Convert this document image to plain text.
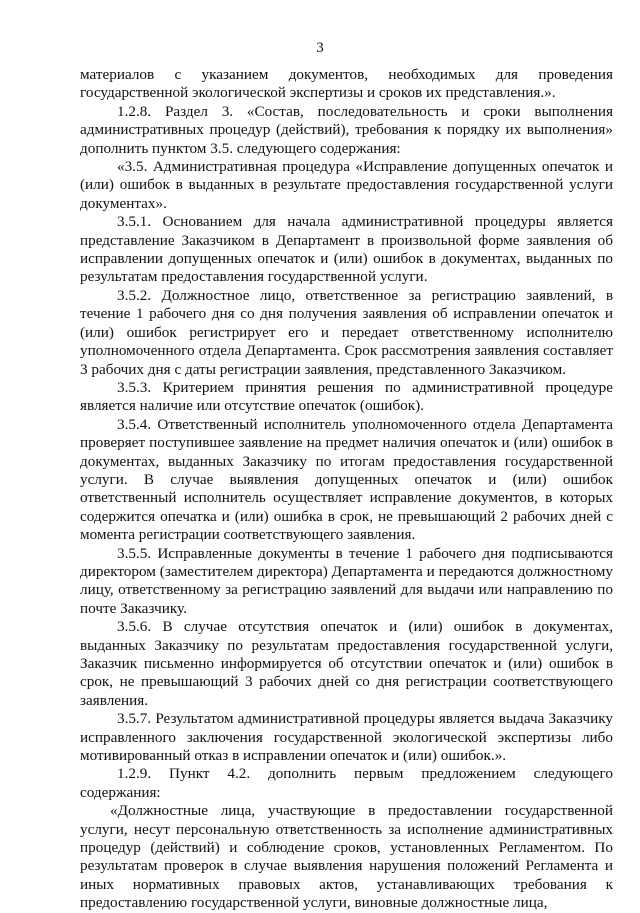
3

материалов с указанием документов, необходимых для проведения государственной экологической экспертизы и сроков их представления.».

1.2.8. Раздел 3. «Состав, последовательность и сроки выполнения административных процедур (действий), требования к порядку их выполнения» дополнить пунктом 3.5. следующего содержания:

«3.5. Административная процедура «Исправление допущенных опечаток и (или) ошибок в выданных в результате предоставления государственной услуги документах».

3.5.1. Основанием для начала административной процедуры является представление Заказчиком в Департамент в произвольной форме заявления об исправлении допущенных опечаток и (или) ошибок в документах, выданных по результатам предоставления государственной услуги.

3.5.2. Должностное лицо, ответственное за регистрацию заявлений, в течение 1 рабочего дня со дня получения заявления об исправлении опечаток и (или) ошибок регистрирует его и передает ответственному исполнителю уполномоченного отдела Департамента. Срок рассмотрения заявления составляет 3 рабочих дня с даты регистрации заявления, представленного Заказчиком.

3.5.3. Критерием принятия решения по административной процедуре является наличие или отсутствие опечаток (ошибок).

3.5.4. Ответственный исполнитель уполномоченного отдела Департамента проверяет поступившее заявление на предмет наличия опечаток и (или) ошибок в документах, выданных Заказчику по итогам предоставления государственной услуги. В случае выявления допущенных опечаток и (или) ошибок ответственный исполнитель осуществляет исправление документов, в которых содержится опечатка и (или) ошибка в срок, не превышающий 2 рабочих дней с момента регистрации соответствующего заявления.

3.5.5. Исправленные документы в течение 1 рабочего дня подписываются директором (заместителем директора) Департамента и передаются должностному лицу, ответственному за регистрацию заявлений для выдачи или направлению по почте Заказчику.

3.5.6. В случае отсутствия опечаток и (или) ошибок в документах, выданных Заказчику по результатам предоставления государственной услуги, Заказчик письменно информируется об отсутствии опечаток и (или) ошибок в срок, не превышающий 3 рабочих дней со дня регистрации соответствующего заявления.

3.5.7. Результатом административной процедуры является выдача Заказчику исправленного заключения государственной экологической экспертизы либо мотивированный отказ в исправлении опечаток и (или) ошибок.».

1.2.9. Пункт 4.2. дополнить первым предложением следующего содержания:

«Должностные лица, участвующие в предоставлении государственной услуги, несут персональную ответственность за исполнение административных процедур (действий) и соблюдение сроков, установленных Регламентом. По результатам проверок в случае выявления нарушения положений Регламента и иных нормативных правовых актов, устанавливающих требования к предоставлению государственной услуги, виновные должностные лица,
